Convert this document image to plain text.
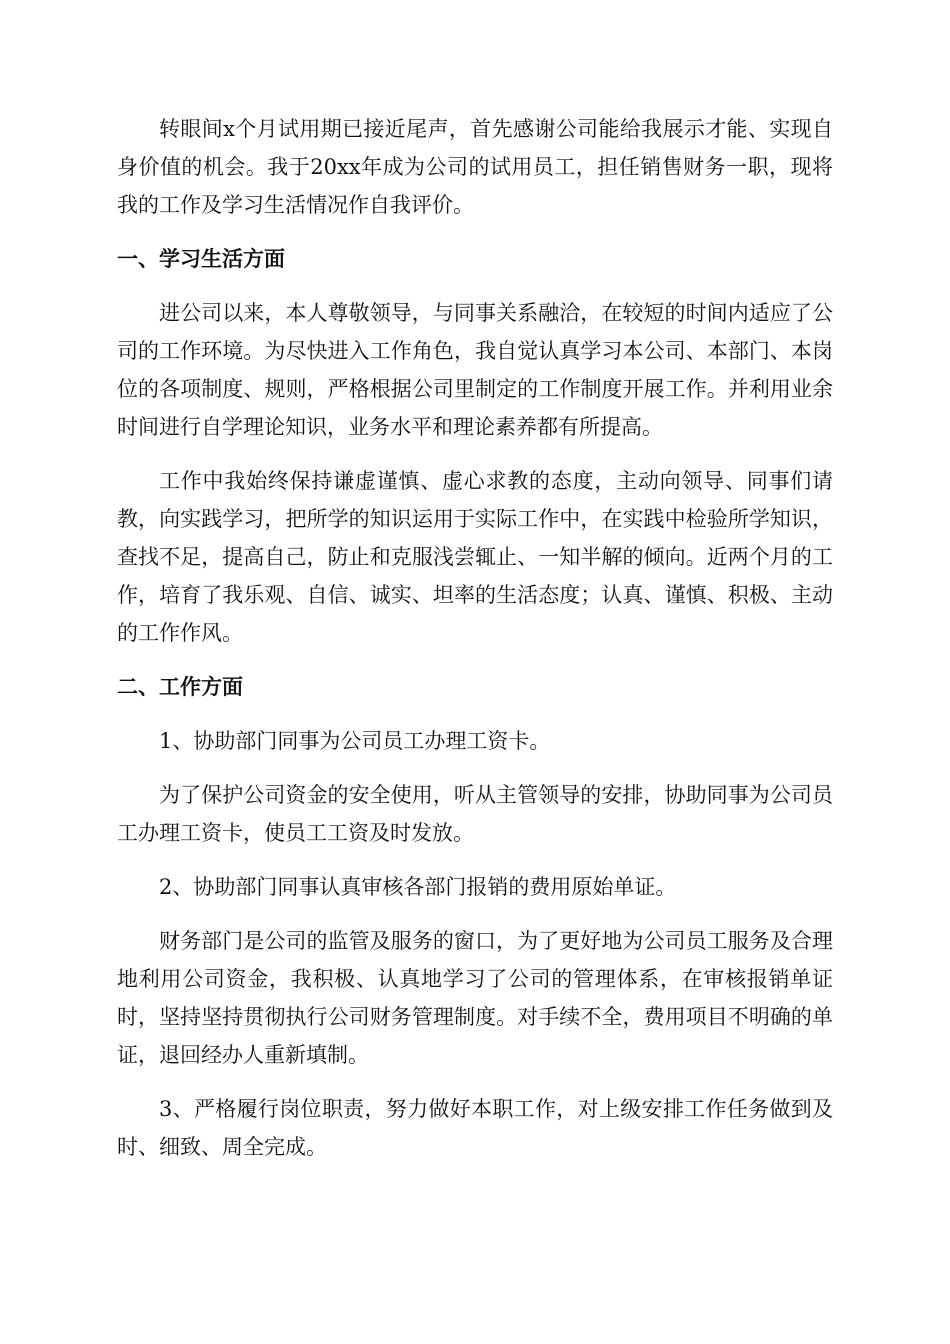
转眼间x个月试用期已接近尾声，首先感谢公司能给我展示才能、实现自身价值的机会。我于20xx年成为公司的试用员工，担任销售财务一职，现将我的工作及学习生活情况作自我评价。

一、学习生活方面

进公司以来，本人尊敬领导，与同事关系融洽，在较短的时间内适应了公司的工作环境。为尽快进入工作角色，我自觉认真学习本公司、本部门、本岗位的各项制度、规则，严格根据公司里制定的工作制度开展工作。并利用业余时间进行自学理论知识，业务水平和理论素养都有所提高。

工作中我始终保持谦虚谨慎、虚心求教的态度，主动向领导、同事们请教，向实践学习，把所学的知识运用于实际工作中，在实践中检验所学知识，查找不足，提高自己，防止和克服浅尝辄止、一知半解的倾向。近两个月的工作，培育了我乐观、自信、诚实、坦率的生活态度；认真、谨慎、积极、主动的工作作风。

二、工作方面

1、协助部门同事为公司员工办理工资卡。

为了保护公司资金的安全使用，听从主管领导的安排，协助同事为公司员工办理工资卡，使员工工资及时发放。

2、协助部门同事认真审核各部门报销的费用原始单证。

财务部门是公司的监管及服务的窗口，为了更好地为公司员工服务及合理地利用公司资金，我积极、认真地学习了公司的管理体系，在审核报销单证时，坚持坚持贯彻执行公司财务管理制度。对手续不全，费用项目不明确的单证，退回经办人重新填制。

3、严格履行岗位职责，努力做好本职工作，对上级安排工作任务做到及时、细致、周全完成。
